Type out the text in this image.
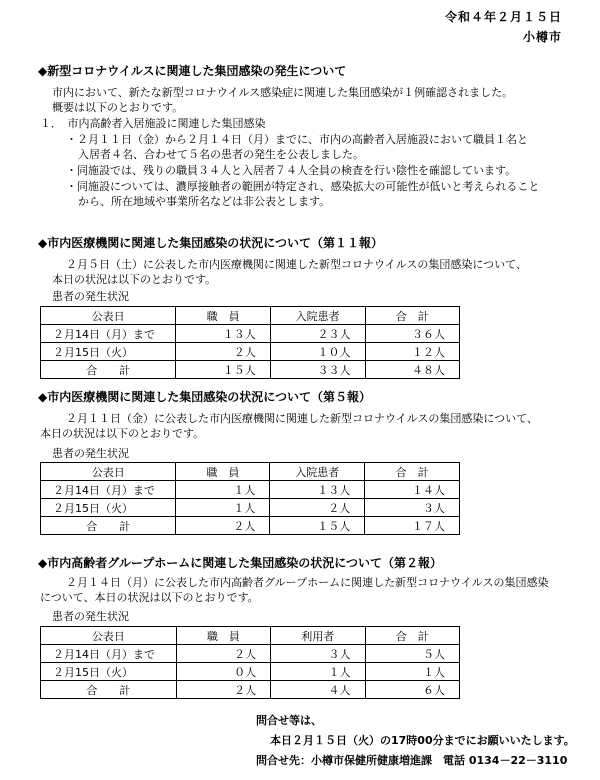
令和４年２月１５日
小樽市
◆新型コロナウイルスに関連した集団感染の発生について
市内において、新たな新型コロナウイルス感染症に関連した集団感染が１例確認されました。
概要は以下のとおりです。
１．　市内高齢者入居施設に関連した集団感染
・２月１１日（金）から２月１４日（月）までに、市内の高齢者入居施設において職員１名と
入居者４名、合わせて５名の患者の発生を公表しました。
・同施設では、残りの職員３４人と入居者７４人全員の検査を行い陰性を確認しています。
・同施設については、濃厚接触者の範囲が特定され、感染拡大の可能性が低いと考えられること
から、所在地域や事業所名などは非公表とします。
◆市内医療機関に関連した集団感染の状況について（第１１報）
２月５日（土）に公表した市内医療機関に関連した新型コロナウイルスの集団感染について、
本日の状況は以下のとおりです。
患者の発生状況
公表日	職　員	入院患者	合　計
２月14日（月）まで	１３人	２３人	３６人
２月15日（火）	２人	１０人	１２人
合　　計	１５人	３３人	４８人
◆市内医療機関に関連した集団感染の状況について（第５報）
２月１１日（金）に公表した市内医療機関に関連した新型コロナウイルスの集団感染について、
本日の状況は以下のとおりです。
患者の発生状況
公表日	職　員	入院患者	合　計
２月14日（月）まで	１人	１３人	１４人
２月15日（火）	１人	２人	３人
合　　計	２人	１５人	１７人
◆市内高齢者グループホームに関連した集団感染の状況について（第２報）
２月１４日（月）に公表した市内高齢者グループホームに関連した新型コロナウイルスの集団感染
について、本日の状況は以下のとおりです。
患者の発生状況
公表日	職　員	利用者	合　計
２月14日（月）まで	２人	３人	５人
２月15日（火）	０人	１人	１人
合　　計	２人	４人	６人
問合せ等は、
本日２月１５日（火）の17時00分までにお願いいたします。
問合せ先：小樽市保健所健康増進課　電話 0134－22－3110
